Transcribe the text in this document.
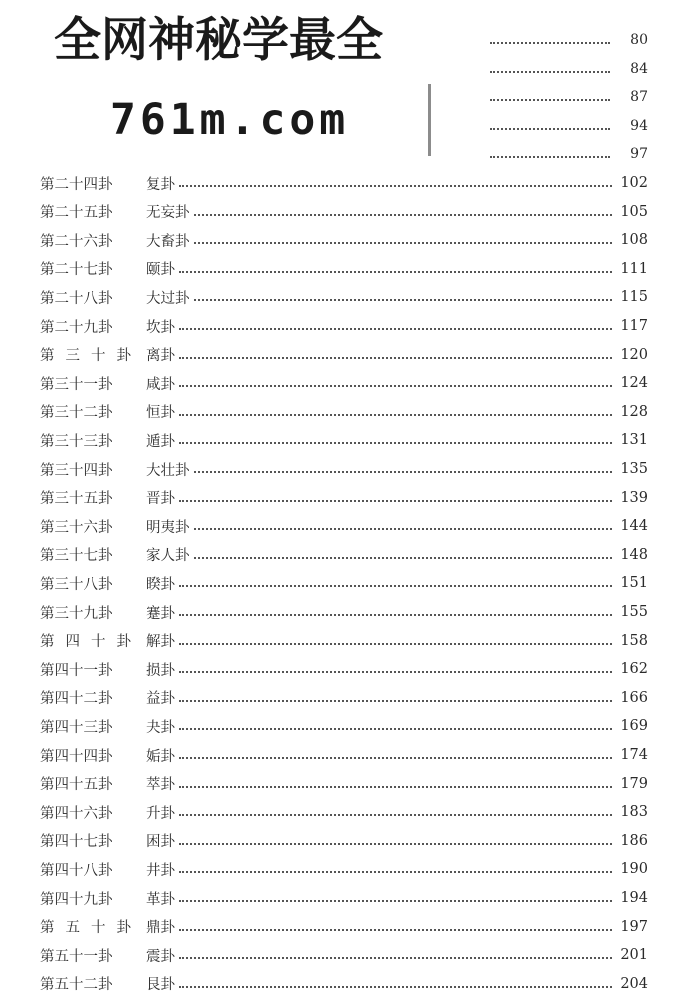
全网神秘学最全
761m.com
80
84
87
94
97
第二十四卦	复卦	102
第二十五卦	无妄卦	105
第二十六卦	大畜卦	108
第二十七卦	颐卦	111
第二十八卦	大过卦	115
第二十九卦	坎卦	117
第三十卦 离卦	120
第三十一卦	咸卦	124
第三十二卦	恒卦	128
第三十三卦	遁卦	131
第三十四卦	大壮卦	135
第三十五卦	晋卦	139
第三十六卦	明夷卦	144
第三十七卦	家人卦	148
第三十八卦	睽卦	151
第三十九卦	蹇卦	155
第四十卦 解卦	158
第四十一卦	损卦	162
第四十二卦	益卦	166
第四十三卦	夬卦	169
第四十四卦	姤卦	174
第四十五卦	萃卦	179
第四十六卦	升卦	183
第四十七卦	困卦	186
第四十八卦	井卦	190
第四十九卦	革卦	194
第五十卦 鼎卦	197
第五十一卦	震卦	201
第五十二卦	艮卦	204
